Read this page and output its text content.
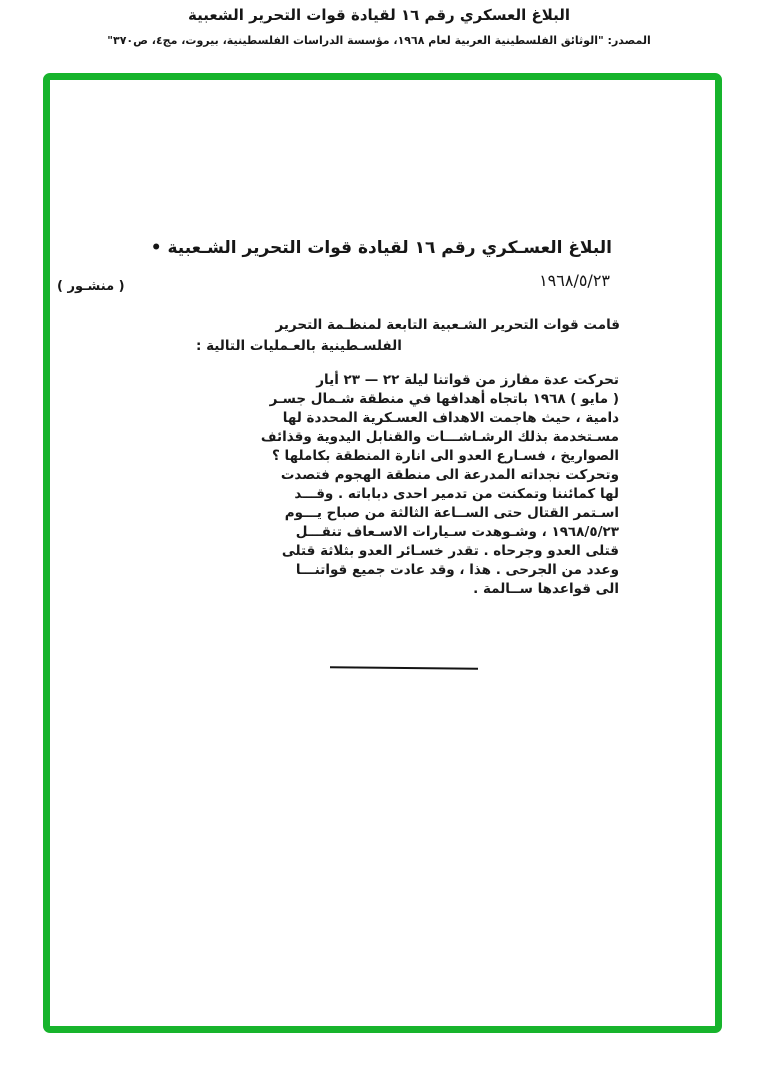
البلاغ العسكري رقم ١٦ لقيادة قوات التحرير الشعبية
المصدر: "الوثائق الفلسطينية العربية لعام ١٩٦٨، مؤسسة الدراسات الفلسطينية، بيروت، مج٤، ص٣٧٠"
البلاغ العسـكري رقم ١٦ لقيادة قوات التحرير الشـعبية •
١٩٦٨/٥/٢٣
( منشـور )
قامت قوات التحرير الشـعبية التابعة لمنظـمة التحرير
الفلسـطينية بالعـمليات التالية :
تحركت عدة مفارز من قواتنا ليلة ٢٢ — ٢٣ أيار
( مايو ) ١٩٦٨ باتجاه أهدافها في منطقة شـمال جسـر
دامية ، حيث هاجمت الاهداف العسـكرية المحددة لها
مسـتخدمة بذلك الرشـاشـــات والقنابل اليدوية وقذائف
الصواريخ ، فسـارع العدو الى انارة المنطقة بكاملها ؟
وتحركت نجداته المدرعة الى منطقة الهجوم فتصدت
لها كمائننا وتمكنت من تدمير احدى دباباته . وقـــد
اسـتمر القتال حتى الســاعة الثالثة من صباح يـــوم
١٩٦٨/٥/٢٣ ، وشـوهدت سـيارات الاسـعاف تنقـــل
قتلى العدو وجرحاه . تقدر خسـائر العدو بثلاثة قتلى
وعدد من الجرحى . هذا ، وقد عادت جميع قواتنـــا
الى قواعدها ســالمة .
